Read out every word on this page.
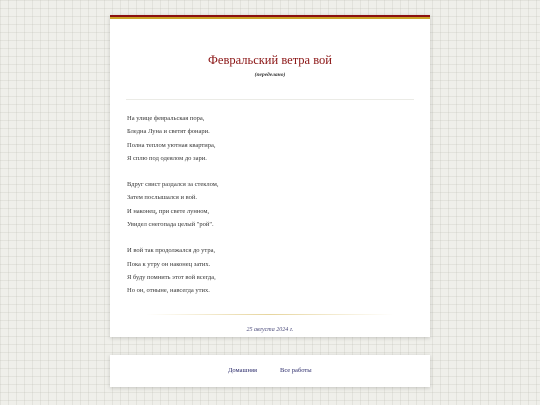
Февральский ветра вой
(переделано)
На улице февральская пора,
Бледна Луна и светят фонари.
Полна теплом уютная квартира,
Я сплю под одеялом до зари.
Вдруг свист раздался за стеклом,
Затем послышался и вой.
И наконец, при свете лунном,
Увидел снегопада целый "рой".
И вой так продолжался до утра,
Пока к утру он наконец затих.
Я буду помнить этот вой всегда,
Но он, отныне, навсегда утих.
25 августа 2024 г.
Домашняя	Все работы
